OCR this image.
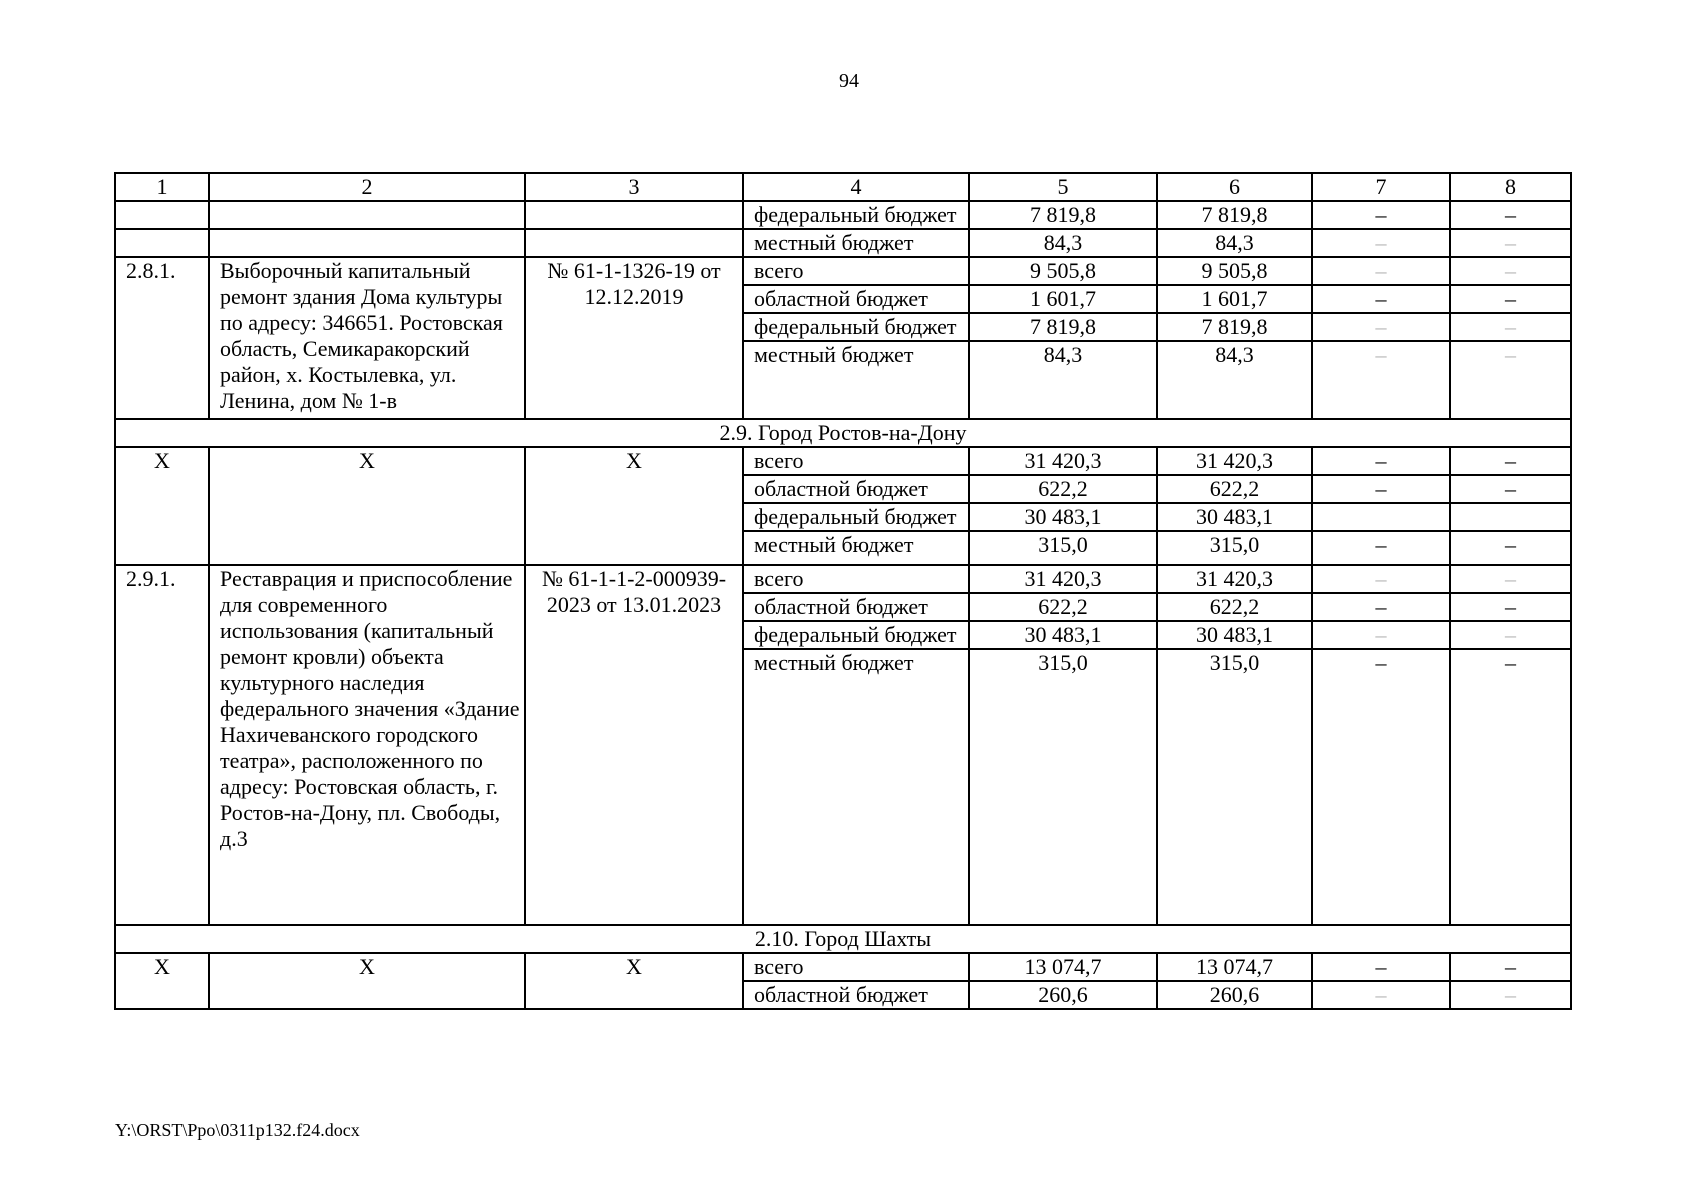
94
1	2	3	4	5	6	7	8
			федеральный бюджет	7 819,8	7 819,8	–	–
			местный бюджет	84,3	84,3	–	–
2.8.1.	Выборочный капитальный ремонт здания Дома культуры по адресу: 346651. Ростовская область, Семикаракорский район, х. Костылевка, ул. Ленина, дом № 1-в	№ 61-1-1326-19 от 12.12.2019	всего	9 505,8	9 505,8	–	–
			областной бюджет	1 601,7	1 601,7	–	–
			федеральный бюджет	7 819,8	7 819,8	–	–
			местный бюджет	84,3	84,3	–	–
2.9. Город Ростов-на-Дону							
Х	Х	Х	всего	31 420,3	31 420,3	–	–
			областной бюджет	622,2	622,2	–	–
			федеральный бюджет	30 483,1	30 483,1		
			местный бюджет	315,0	315,0	–	–
2.9.1.	Реставрация и приспособление для современного использования (капитальный ремонт кровли) объекта культурного наследия федерального значения «Здание Нахичеванского городского театра», расположенного по адресу: Ростовская область, г. Ростов-на-Дону, пл. Свободы, д.3	№ 61-1-1-2-000939-2023 от 13.01.2023	всего	31 420,3	31 420,3	–	–
			областной бюджет	622,2	622,2	–	–
			федеральный бюджет	30 483,1	30 483,1	–	–
			местный бюджет	315,0	315,0	–	–
2.10. Город Шахты							
Х	Х	Х	всего	13 074,7	13 074,7	–	–
			областной бюджет	260,6	260,6	–	–
Y:\ORST\Ppo\0311p132.f24.docx
